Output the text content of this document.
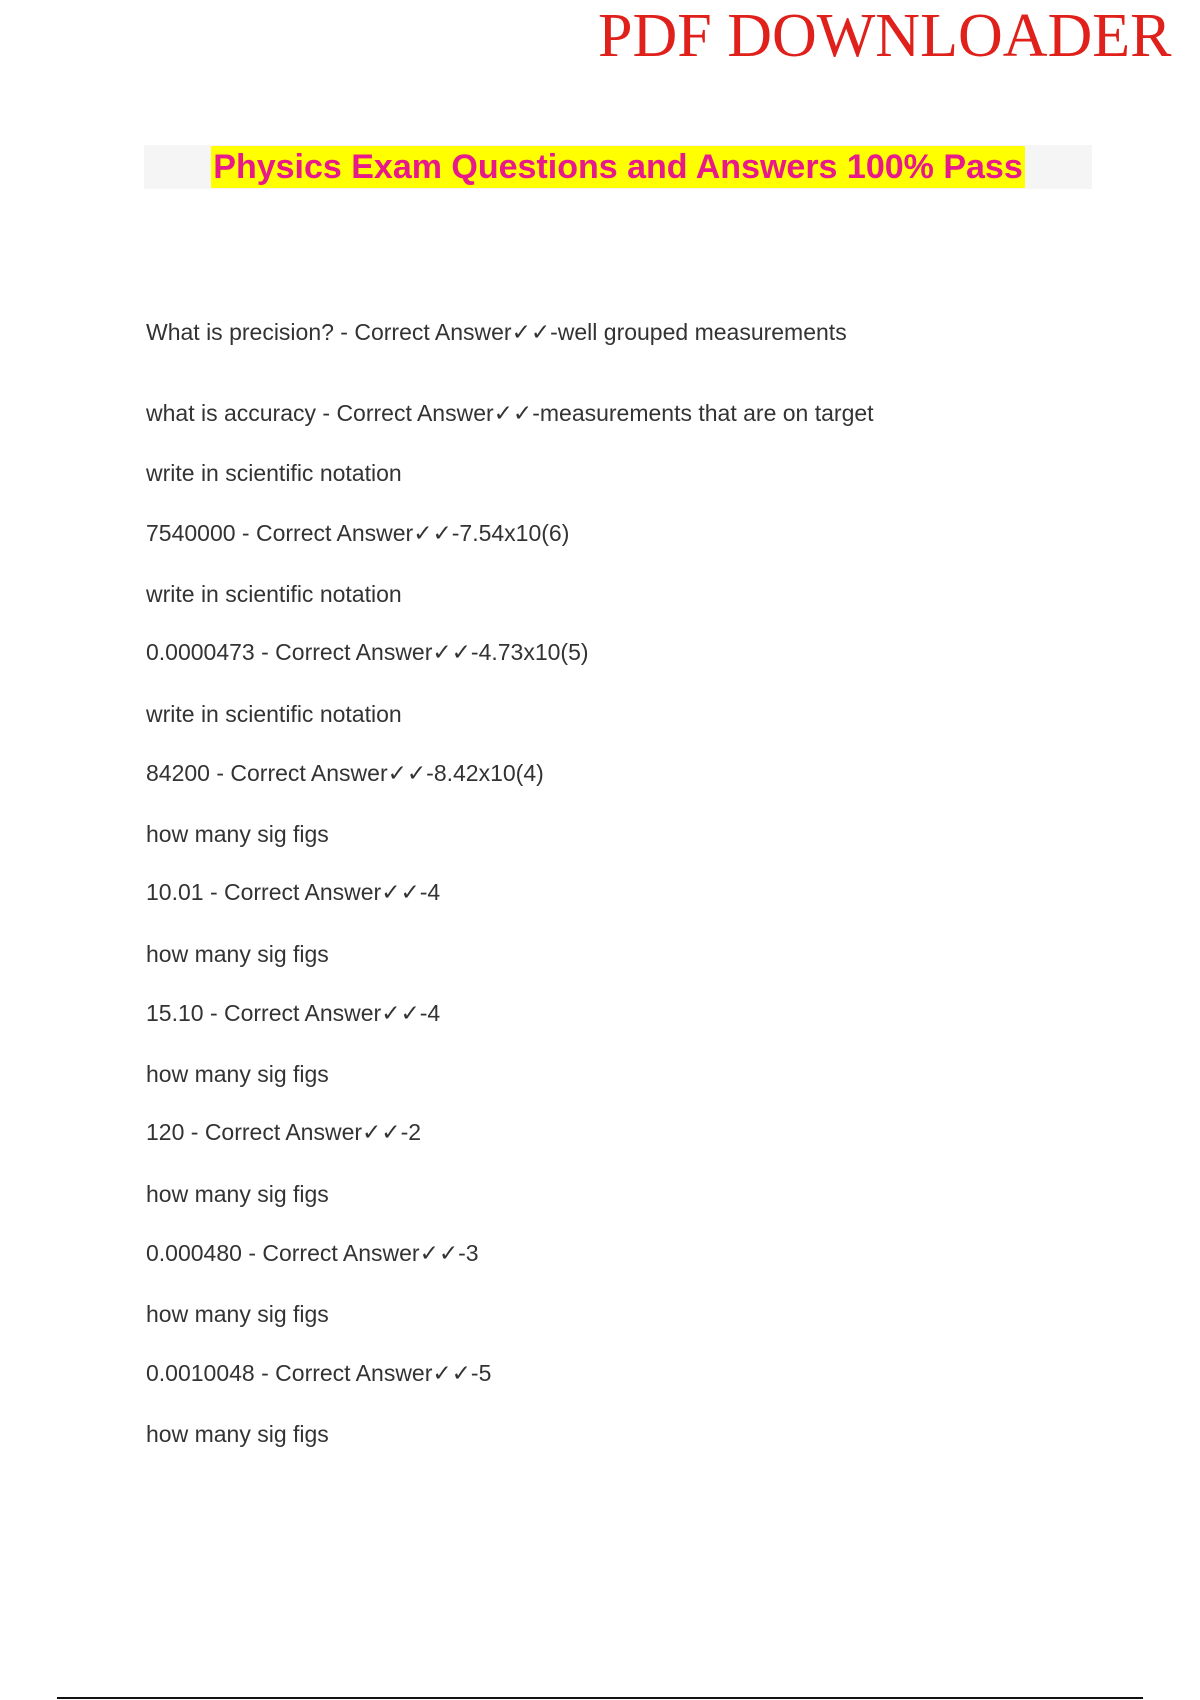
PDF DOWNLOADER
Physics Exam Questions and Answers 100% Pass

What is precision? - Correct Answer✓✓-well grouped measurements

what is accuracy - Correct Answer✓✓-measurements that are on target

write in scientific notation

7540000 - Correct Answer✓✓-7.54x10(6)

write in scientific notation

0.0000473 - Correct Answer✓✓-4.73x10(5)

write in scientific notation

84200 - Correct Answer✓✓-8.42x10(4)

how many sig figs

10.01 - Correct Answer✓✓-4

how many sig figs

15.10 - Correct Answer✓✓-4

how many sig figs

120 - Correct Answer✓✓-2

how many sig figs

0.000480 - Correct Answer✓✓-3

how many sig figs

0.0010048 - Correct Answer✓✓-5

how many sig figs
